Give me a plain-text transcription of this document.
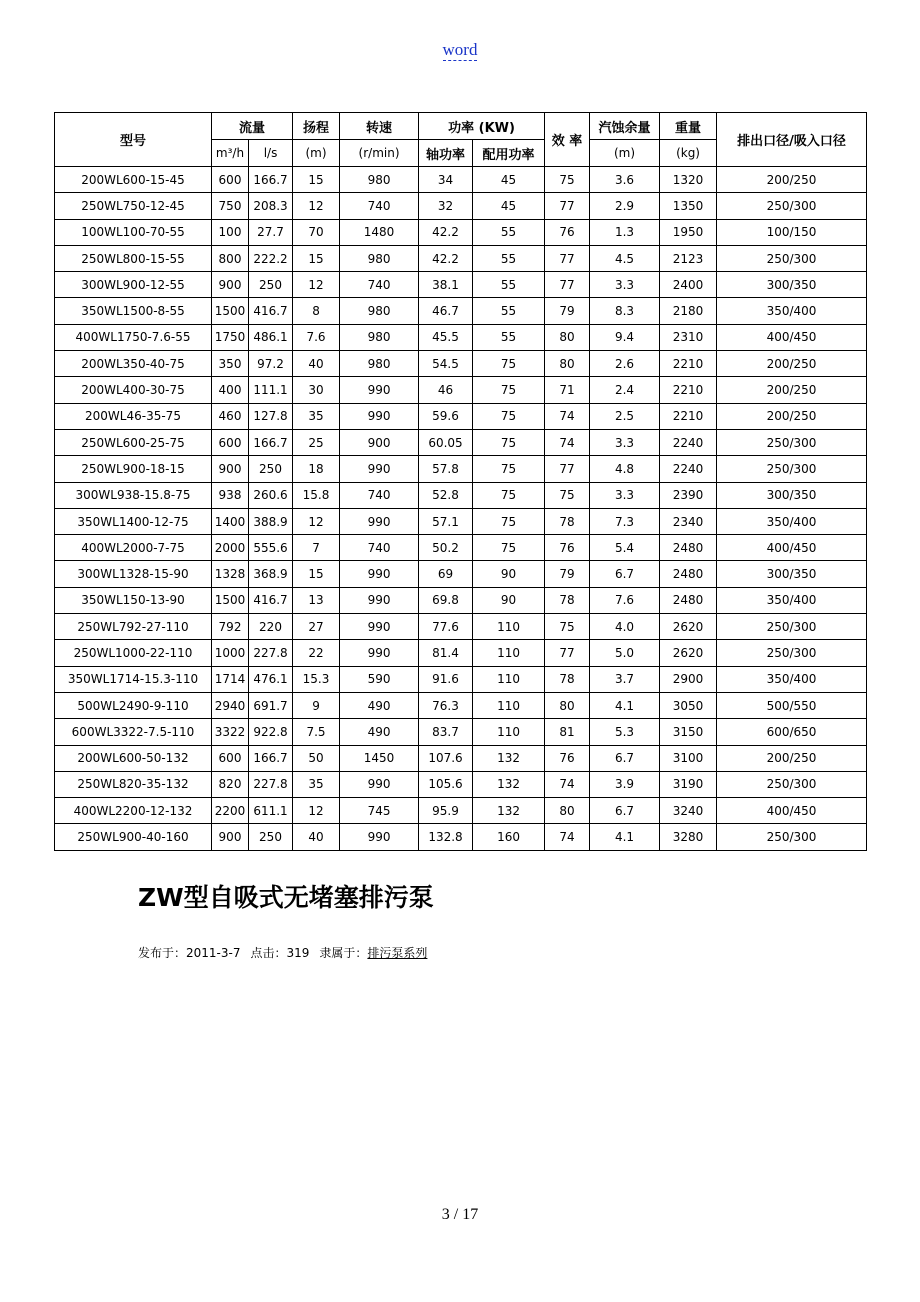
word
型号	流量		扬程	转速	功率 (KW)		效 率	汽蚀余量	重量	排出口径/吸入口径
	m³/h	l/s	(m)	(r/min)	轴功率	配用功率		(m)	(kg)	
200WL600-15-45	600	166.7	15	980	34	45	75	3.6	1320	200/250
250WL750-12-45	750	208.3	12	740	32	45	77	2.9	1350	250/300
100WL100-70-55	100	27.7	70	1480	42.2	55	76	1.3	1950	100/150
250WL800-15-55	800	222.2	15	980	42.2	55	77	4.5	2123	250/300
300WL900-12-55	900	250	12	740	38.1	55	77	3.3	2400	300/350
350WL1500-8-55	1500	416.7	8	980	46.7	55	79	8.3	2180	350/400
400WL1750-7.6-55	1750	486.1	7.6	980	45.5	55	80	9.4	2310	400/450
200WL350-40-75	350	97.2	40	980	54.5	75	80	2.6	2210	200/250
200WL400-30-75	400	111.1	30	990	46	75	71	2.4	2210	200/250
200WL46-35-75	460	127.8	35	990	59.6	75	74	2.5	2210	200/250
250WL600-25-75	600	166.7	25	900	60.05	75	74	3.3	2240	250/300
250WL900-18-15	900	250	18	990	57.8	75	77	4.8	2240	250/300
300WL938-15.8-75	938	260.6	15.8	740	52.8	75	75	3.3	2390	300/350
350WL1400-12-75	1400	388.9	12	990	57.1	75	78	7.3	2340	350/400
400WL2000-7-75	2000	555.6	7	740	50.2	75	76	5.4	2480	400/450
300WL1328-15-90	1328	368.9	15	990	69	90	79	6.7	2480	300/350
350WL150-13-90	1500	416.7	13	990	69.8	90	78	7.6	2480	350/400
250WL792-27-110	792	220	27	990	77.6	110	75	4.0	2620	250/300
250WL1000-22-110	1000	227.8	22	990	81.4	110	77	5.0	2620	250/300
350WL1714-15.3-110	1714	476.1	15.3	590	91.6	110	78	3.7	2900	350/400
500WL2490-9-110	2940	691.7	9	490	76.3	110	80	4.1	3050	500/550
600WL3322-7.5-110	3322	922.8	7.5	490	83.7	110	81	5.3	3150	600/650
200WL600-50-132	600	166.7	50	1450	107.6	132	76	6.7	3100	200/250
250WL820-35-132	820	227.8	35	990	105.6	132	74	3.9	3190	250/300
400WL2200-12-132	2200	611.1	12	745	95.9	132	80	6.7	3240	400/450
250WL900-40-160	900	250	40	990	132.8	160	74	4.1	3280	250/300
ZW型自吸式无堵塞排污泵
发布于：2011-3-7 点击：319 隶属于：排污泵系列
3 / 17
